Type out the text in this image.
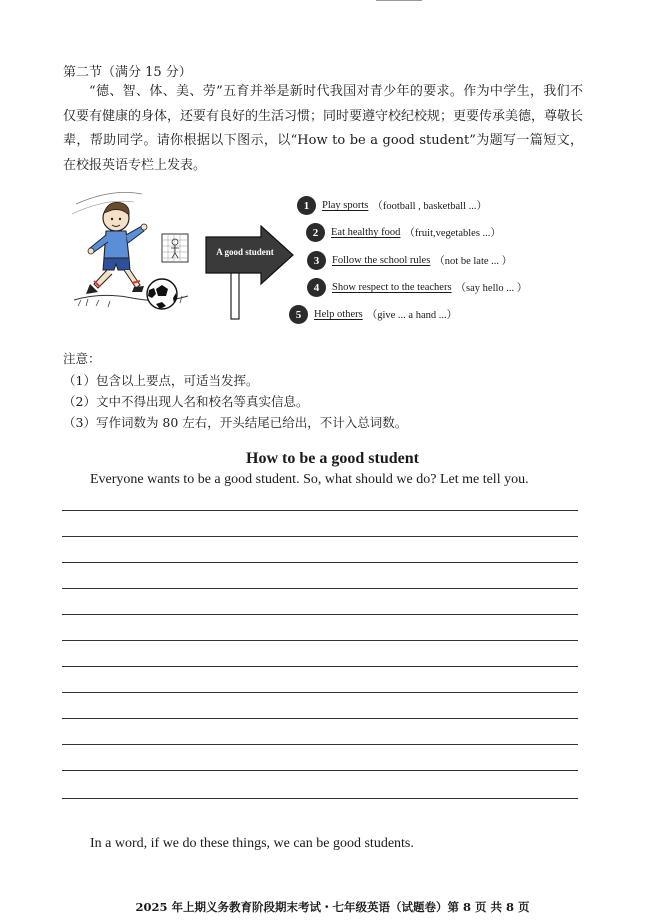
第二节（满分 15 分）
“德、智、体、美、劳”五育并举是新时代我国对青少年的要求。作为中学生，我们不仅要有健康的身体，还要有良好的生活习惯；同时要遵守校纪校规；更要传承美德，尊敬长辈，帮助同学。请你根据以下图示，以“How to be a good student”为题写一篇短文，在校报英语专栏上发表。
A good student
1	Play sports （football , basketball ...）
2	Eat healthy food （fruit,vegetables ...）
3	Follow the school rules （not be late ... ）
4	Show respect to the teachers （say hello ... ）
5	Help others （give ... a hand ...）
注意：
（1）包含以上要点，可适当发挥。
（2）文中不得出现人名和校名等真实信息。
（3）写作词数为 80 左右，开头结尾已给出，不计入总词数。
How to be a good student
Everyone wants to be a good student. So, what should we do? Let me tell you.
In a word, if we do these things, we can be good students.
2025 年上期义务教育阶段期末考试・七年级英语（试题卷）第 8 页 共 8 页
